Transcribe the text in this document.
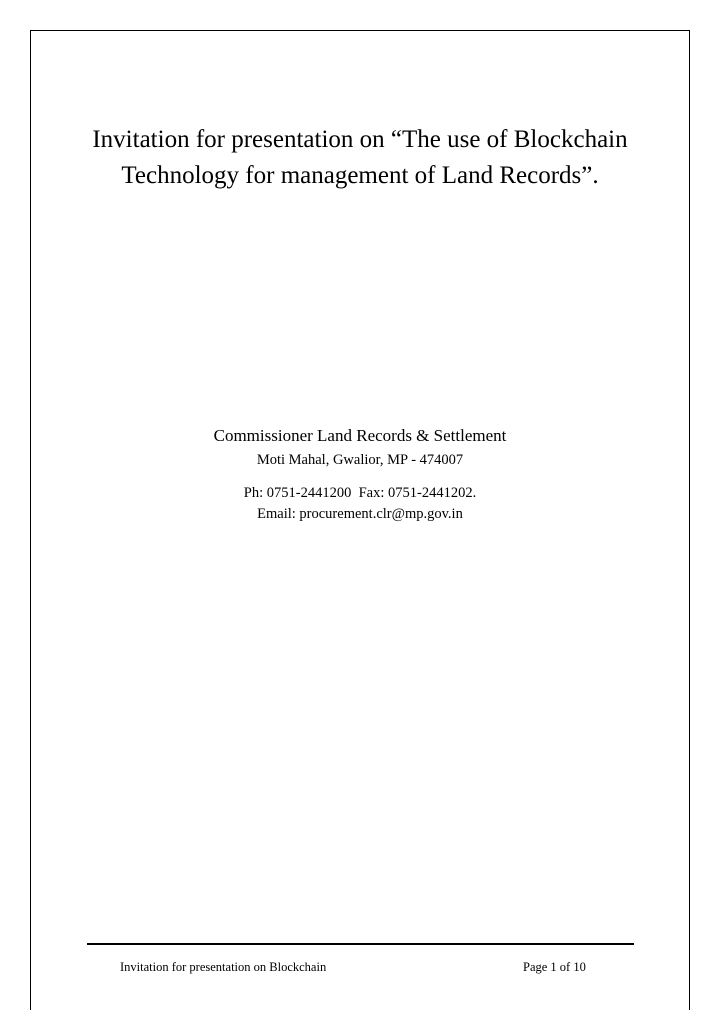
Invitation for presentation on “The use of Blockchain
Technology for management of Land Records”.
Commissioner Land Records & Settlement
Moti Mahal, Gwalior, MP - 474007
Ph: 0751-2441200  Fax: 0751-2441202.
Email: procurement.clr@mp.gov.in
Invitation for presentation on Blockchain	Page 1 of 10
